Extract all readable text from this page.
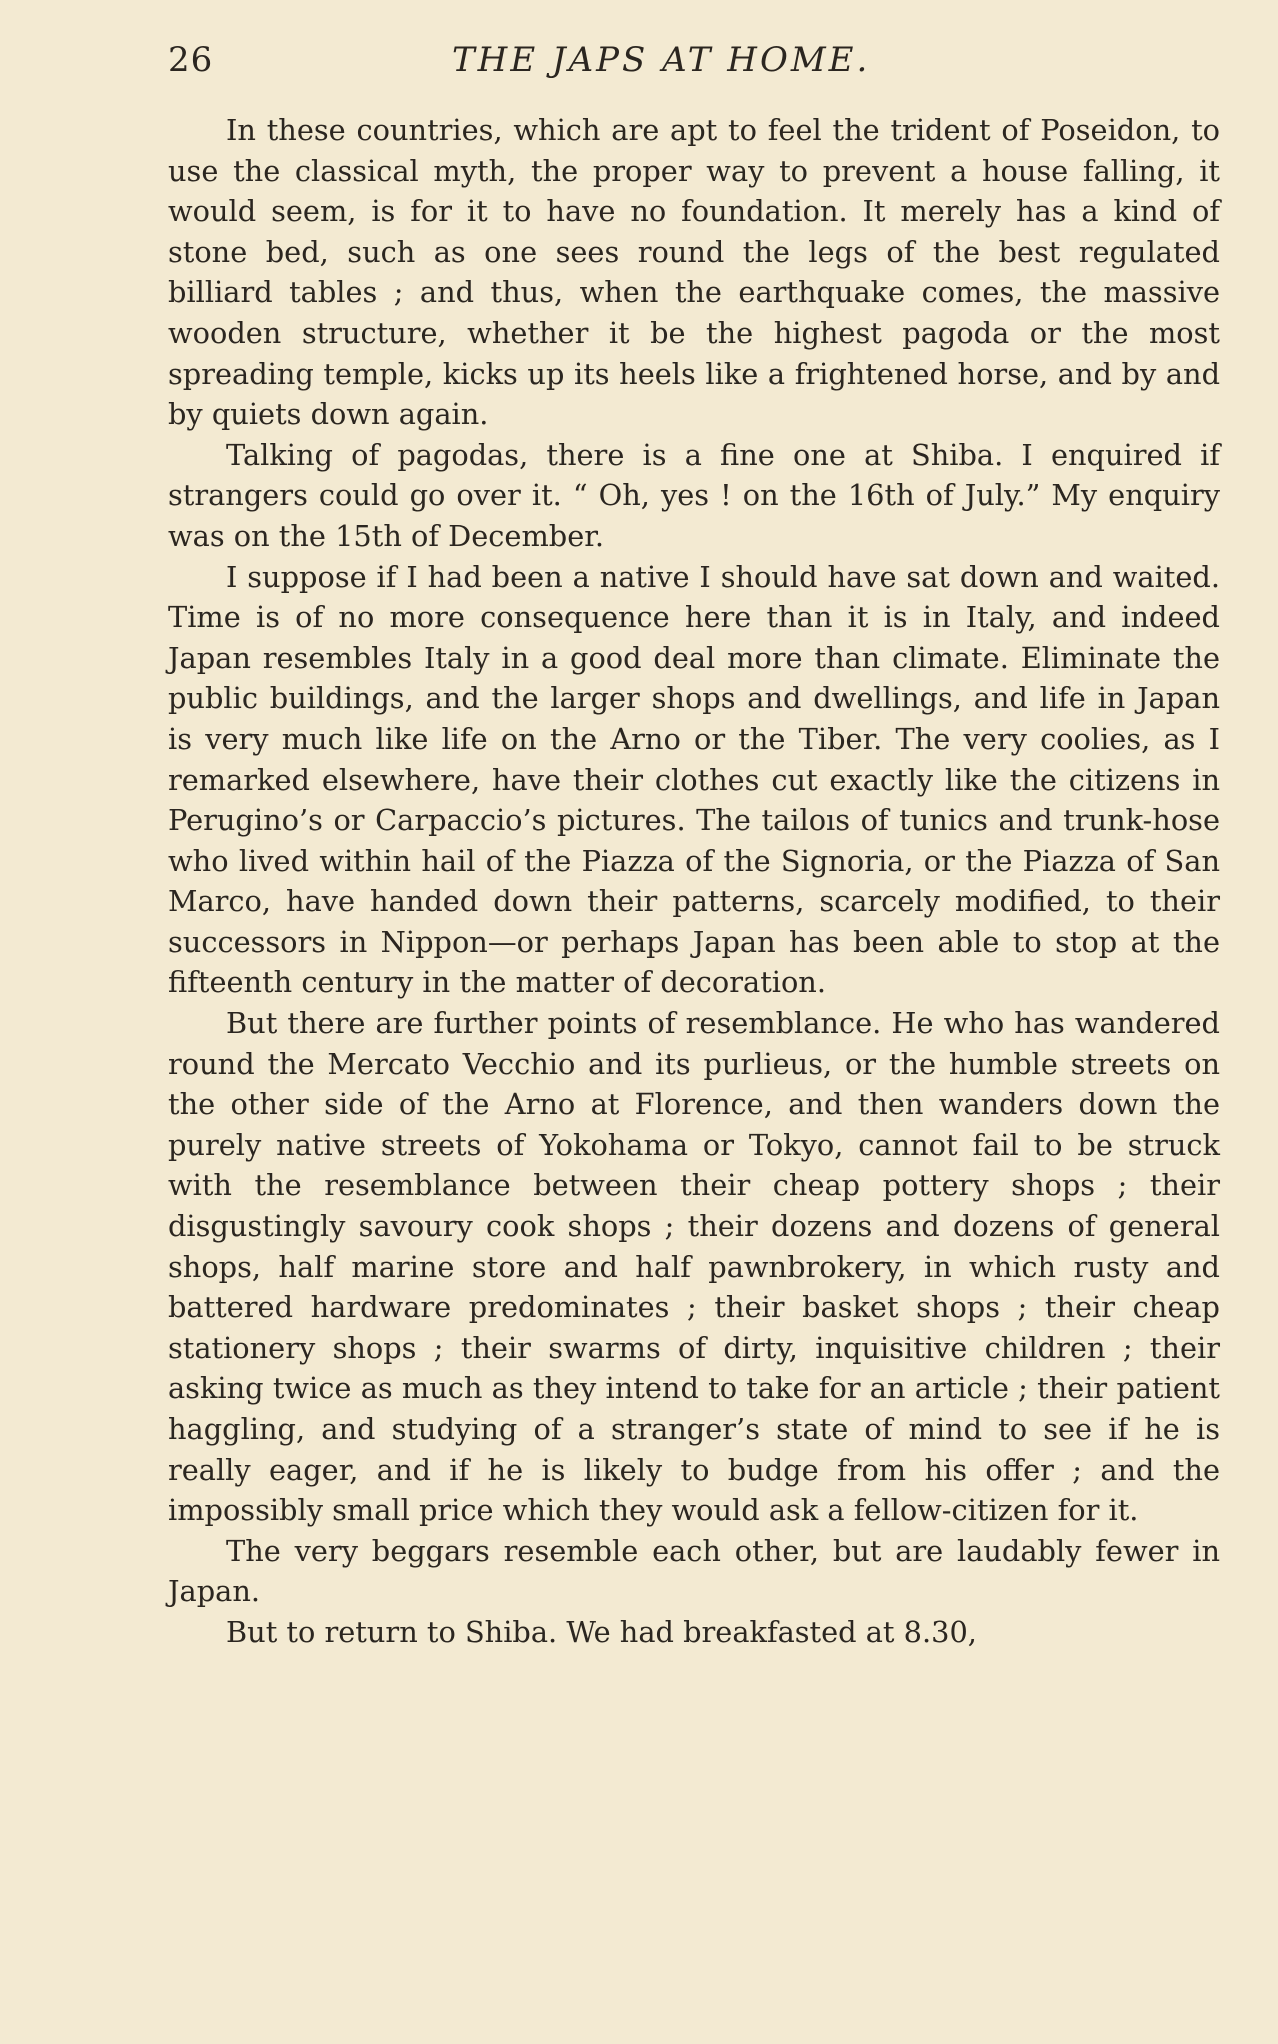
26	THE JAPS AT HOME.

In these countries, which are apt to feel the trident of Poseidon, to use the classical myth, the proper way to prevent a house falling, it would seem, is for it to have no foundation. It merely has a kind of stone bed, such as one sees round the legs of the best regulated billiard tables ; and thus, when the earthquake comes, the massive wooden structure, whether it be the highest pagoda or the most spreading temple, kicks up its heels like a frightened horse, and by and by quiets down again.

Talking of pagodas, there is a fine one at Shiba. I enquired if strangers could go over it. “ Oh, yes ! on the 16th of July.” My enquiry was on the 15th of December.

I suppose if I had been a native I should have sat down and waited. Time is of no more consequence here than it is in Italy, and indeed Japan resembles Italy in a good deal more than climate. Eliminate the public buildings, and the larger shops and dwellings, and life in Japan is very much like life on the Arno or the Tiber. The very coolies, as I remarked elsewhere, have their clothes cut exactly like the citizens in Perugino’s or Carpaccio’s pictures. The tailoıs of tunics and trunk-hose who lived within hail of the Piazza of the Signoria, or the Piazza of San Marco, have handed down their patterns, scarcely modified, to their successors in Nippon—or perhaps Japan has been able to stop at the fifteenth century in the matter of decoration.

But there are further points of resemblance. He who has wandered round the Mercato Vecchio and its purlieus, or the humble streets on the other side of the Arno at Florence, and then wanders down the purely native streets of Yokohama or Tokyo, cannot fail to be struck with the resemblance between their cheap pottery shops ; their disgustingly savoury cook shops ; their dozens and dozens of general shops, half marine store and half pawnbrokery, in which rusty and battered hardware predominates ; their basket shops ; their cheap stationery shops ; their swarms of dirty, inquisitive children ; their asking twice as much as they intend to take for an article ; their patient haggling, and studying of a stranger’s state of mind to see if he is really eager, and if he is likely to budge from his offer ; and the impossibly small price which they would ask a fellow-citizen for it.

The very beggars resemble each other, but are laudably fewer in Japan.

But to return to Shiba. We had breakfasted at 8.30,
